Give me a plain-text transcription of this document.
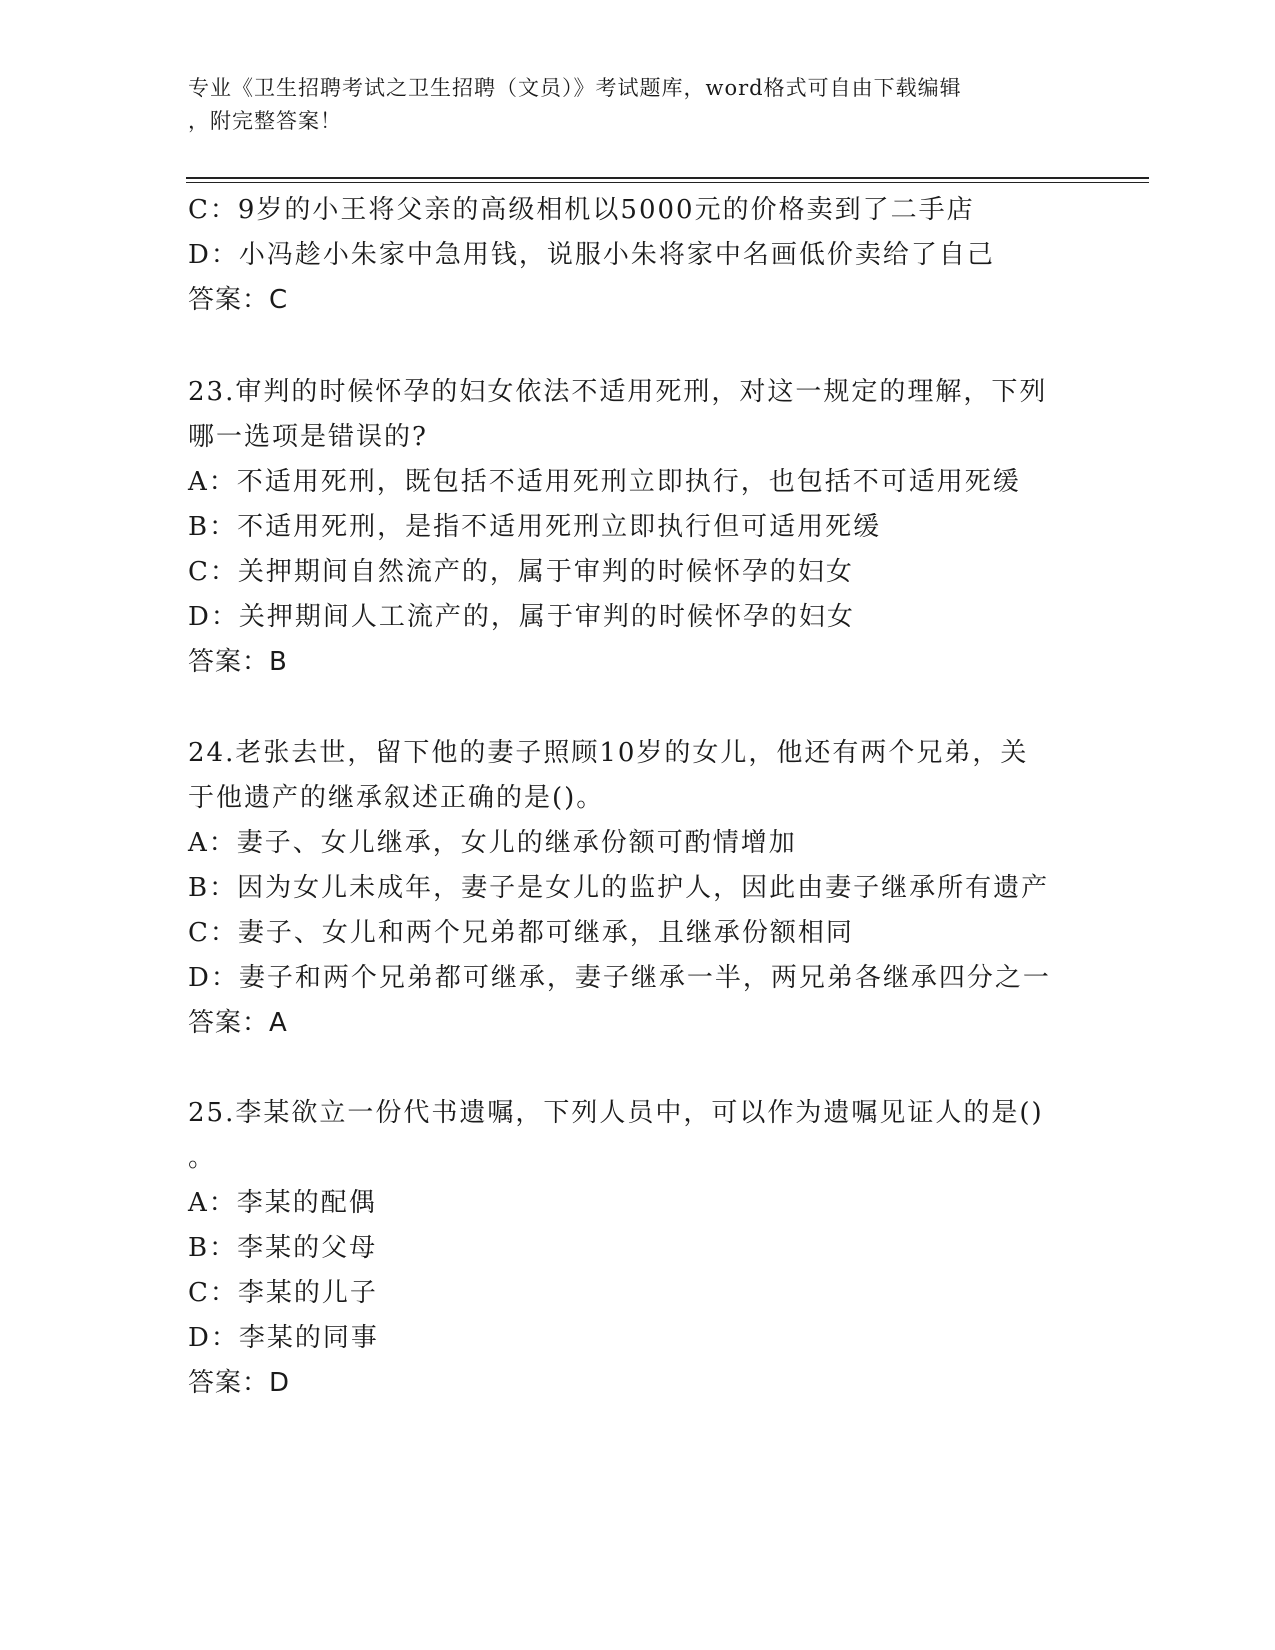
专业《卫生招聘考试之卫生招聘（文员）》考试题库，word格式可自由下载编辑
，附完整答案！
C：9岁的小王将父亲的高级相机以5000元的价格卖到了二手店
D：小冯趁小朱家中急用钱，说服小朱将家中名画低价卖给了自己
答案：C
23.审判的时候怀孕的妇女依法不适用死刑，对这一规定的理解，下列
哪一选项是错误的?
A：不适用死刑，既包括不适用死刑立即执行，也包括不可适用死缓
B：不适用死刑，是指不适用死刑立即执行但可适用死缓
C：关押期间自然流产的，属于审判的时候怀孕的妇女
D：关押期间人工流产的，属于审判的时候怀孕的妇女
答案：B
24.老张去世，留下他的妻子照顾10岁的女儿，他还有两个兄弟，关
于他遗产的继承叙述正确的是()。
A：妻子、女儿继承，女儿的继承份额可酌情增加
B：因为女儿未成年，妻子是女儿的监护人，因此由妻子继承所有遗产
C：妻子、女儿和两个兄弟都可继承，且继承份额相同
D：妻子和两个兄弟都可继承，妻子继承一半，两兄弟各继承四分之一
答案：A
25.李某欲立一份代书遗嘱，下列人员中，可以作为遗嘱见证人的是()
。
A：李某的配偶
B：李某的父母
C：李某的儿子
D：李某的同事
答案：D
